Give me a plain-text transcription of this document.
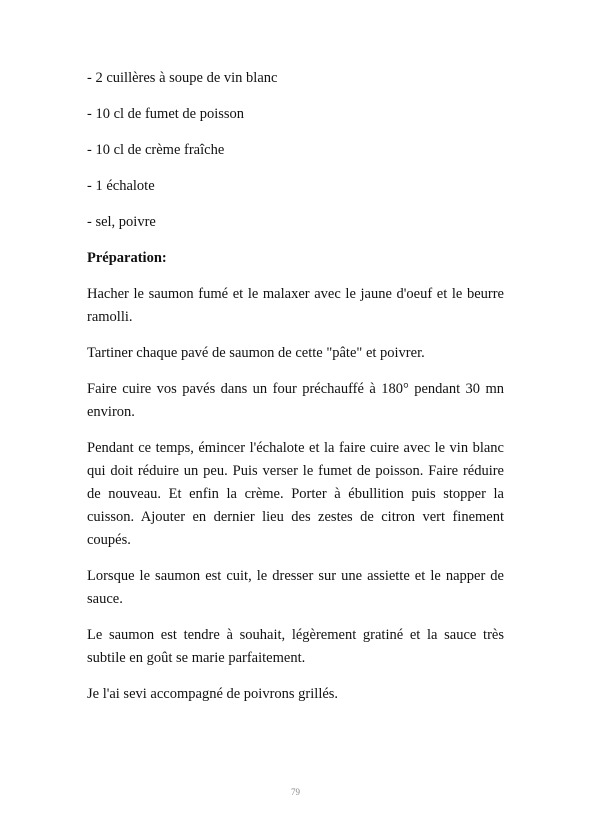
- 2 cuillères à soupe de vin blanc
- 10 cl de fumet de poisson
- 10 cl de crème fraîche
- 1 échalote
- sel, poivre
Préparation:

Hacher le saumon fumé et le malaxer avec le jaune d'oeuf et le beurre ramolli.

Tartiner chaque pavé de saumon de cette "pâte" et poivrer.

Faire cuire vos pavés dans un four préchauffé à 180° pendant 30 mn environ.

Pendant ce temps, émincer l'échalote et la faire cuire avec le vin blanc qui doit réduire un peu. Puis verser le fumet de poisson. Faire réduire de nouveau. Et enfin la crème. Porter à ébullition puis stopper la cuisson. Ajouter en dernier lieu des zestes de citron vert finement coupés.

Lorsque le saumon est cuit, le dresser sur une assiette et le napper de sauce.

Le saumon est tendre à souhait, légèrement gratiné et la sauce très subtile en goût se marie parfaitement.

Je l'ai sevi accompagné de poivrons grillés.

79
